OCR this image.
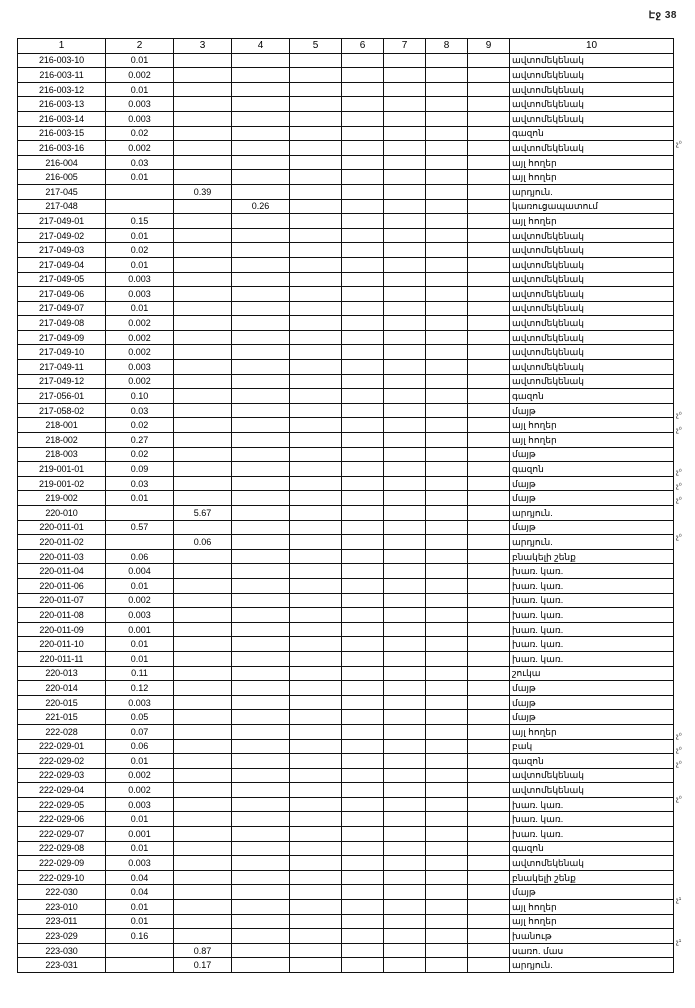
Էջ 38
1	2	3	4	5	6	7	8	9	10
216-003-10	0.01								ավտոմեկենակ
216-003-11	0.002								ավտոմեկենակ
216-003-12	0.01								ավտոմեկենակ
216-003-13	0.003								ավտոմեկենակ
216-003-14	0.003								ավտոմեկենակ
216-003-15	0.02								գազոն
216-003-16	0.002								ավտոմեկենակ
216-004	0.03								այլ հողեր
216-005	0.01								այլ հողեր
217-045		0.39							արդյուն.
217-048			0.26						կառուցապատում
217-049-01	0.15								այլ հողեր
217-049-02	0.01								ավտոմեկենակ
217-049-03	0.02								ավտոմեկենակ
217-049-04	0.01								ավտոմեկենակ
217-049-05	0.003								ավտոմեկենակ
217-049-06	0.003								ավտոմեկենակ
217-049-07	0.01								ավտոմեկենակ
217-049-08	0.002								ավտոմեկենակ
217-049-09	0.002								ավտոմեկենակ
217-049-10	0.002								ավտոմեկենակ
217-049-11	0.003								ավտոմեկենակ
217-049-12	0.002								ավտոմեկենակ
217-056-01	0.10								գազոն
217-058-02	0.03								մայթ
218-001	0.02								այլ հողեր
218-002	0.27								այլ հողեր
218-003	0.02								մայթ
219-001-01	0.09								գազոն
219-001-02	0.03								մայթ
219-002	0.01								մայթ
220-010		5.67							արդյուն.
220-011-01	0.57								մայթ
220-011-02		0.06							արդյուն.
220-011-03	0.06								բնակելի շենք
220-011-04	0.004								խառ. կառ.
220-011-06	0.01								խառ. կառ.
220-011-07	0.002								խառ. կառ.
220-011-08	0.003								խառ. կառ.
220-011-09	0.001								խառ. կառ.
220-011-10	0.01								խառ. կառ.
220-011-11	0.01								խառ. կառ.
220-013	0.11								շուկա
220-014	0.12								մայթ
220-015	0.003								մայթ
221-015	0.05								մայթ
222-028	0.07								այլ հողեր
222-029-01	0.06								բակ
222-029-02	0.01								գազոն
222-029-03	0.002								ավտոմեկենակ
222-029-04	0.002								ավտոմեկենակ
222-029-05	0.003								խառ. կառ.
222-029-06	0.01								խառ. կառ.
222-029-07	0.001								խառ. կառ.
222-029-08	0.01								գազոն
222-029-09	0.003								ավտոմեկենակ
222-029-10	0.04								բնակելի շենք
222-030	0.04								մայթ
223-010	0.01								այլ հողեր
223-011	0.01								այլ հողեր
223-029	0.16								խանութ
223-030		0.87							սառո. մաս
223-031		0.17							արդյուն.
չ⁰
չ⁰
չ⁰
չ⁰
չ⁰
չ⁰
չ⁰
չ⁰
չ⁰
չ⁰
չ⁰
չ¹
չ¹
